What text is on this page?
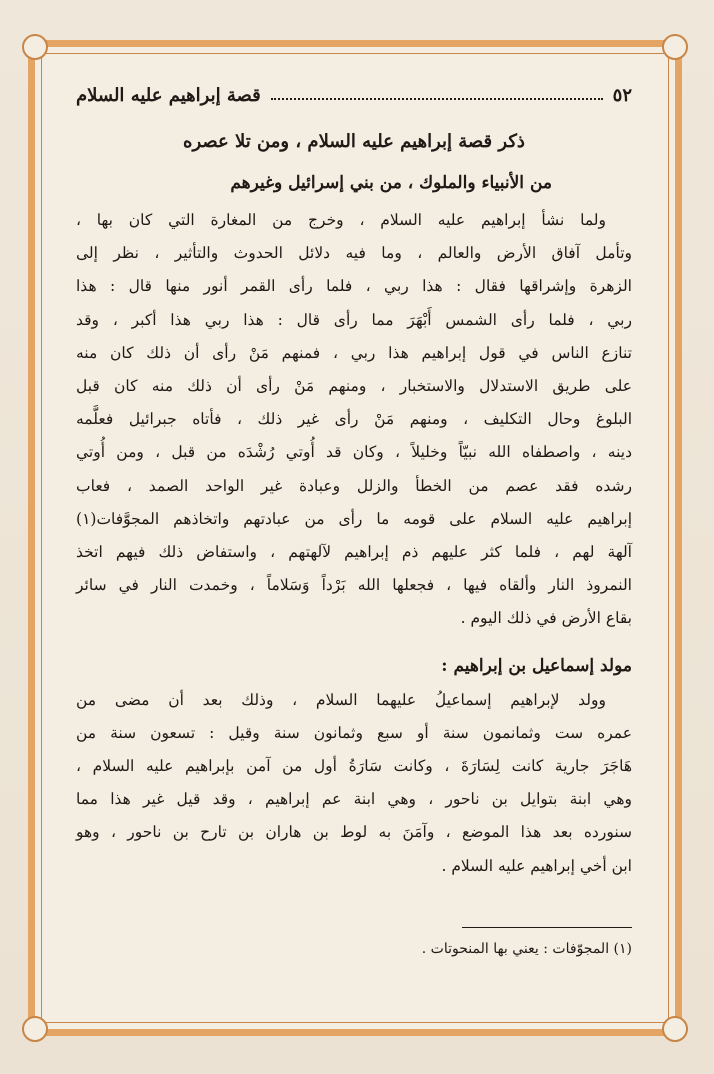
٥٢
قصة إبراهيم عليه السلام
ذكر قصة إبراهيم عليه السلام ، ومن تلا عصره
من الأنبياء والملوك ، من بني إسرائيل وغيرهم
ولما نشأ إبراهيم عليه السلام ، وخرج من المغارة التي كان بها ،
وتأمل آفاق الأرض والعالم ، وما فيه دلائل الحدوث والتأثير ، نظر إلى
الزهرة وإشراقها فقال : هذا ربي ، فلما رأى القمر أنور منها قال : هذا
ربي ، فلما رأى الشمس أَبْهَرَ مما رأى قال : هذا ربي هذا أكبر ، وقد
تنازع الناس في قول إبراهيم هذا ربي ، فمنهم مَنْ رأى أن ذلك كان منه
على طريق الاستدلال والاستخبار ، ومنهم مَنْ رأى أن ذلك منه كان قبل
البلوغ وحال التكليف ، ومنهم مَنْ رأى غير ذلك ، فأتاه جبرائيل فعلَّمه
دينه ، واصطفاه الله نبيّاً وخليلاً ، وكان قد أُوتي رُشْدَه من قبل ، ومن أُوتي
رشده فقد عصم من الخطأ والزلل وعبادة غير الواحد الصمد ، فعاب
إبراهيم عليه السلام على قومه ما رأى من عبادتهم واتخاذهم المجوَّفات(١)
آلهة لهم ، فلما كثر عليهم ذم إبراهيم لآلهتهم ، واستفاض ذلك فيهم اتخذ
النمروذ النار وألقاه فيها ، فجعلها الله بَرْداً وَسَلاماً ، وخمدت النار في سائر
بقاع الأرض في ذلك اليوم .
مولد إسماعيل بن إبراهيم :
وولد لإبراهيم إسماعيلُ عليهما السلام ، وذلك بعد أن مضى من
عمره ست وثمانمون سنة أو سبع وثمانون سنة وقيل : تسعون سنة من
هَاجَرَ جارية كانت لِسَارَةَ ، وكانت سَارَةُ أول من آمن بإبراهيم عليه السلام ،
وهي ابنة بتوايل بن ناحور ، وهي ابنة عم إبراهيم ، وقد قيل غير هذا مما
سنورده بعد هذا الموضع ، وآمَنَ به لوط بن هاران بن تارح بن ناحور ، وهو
ابن أخي إبراهيم عليه السلام .
(١) المجوّفات : يعني بها المنحوتات .
